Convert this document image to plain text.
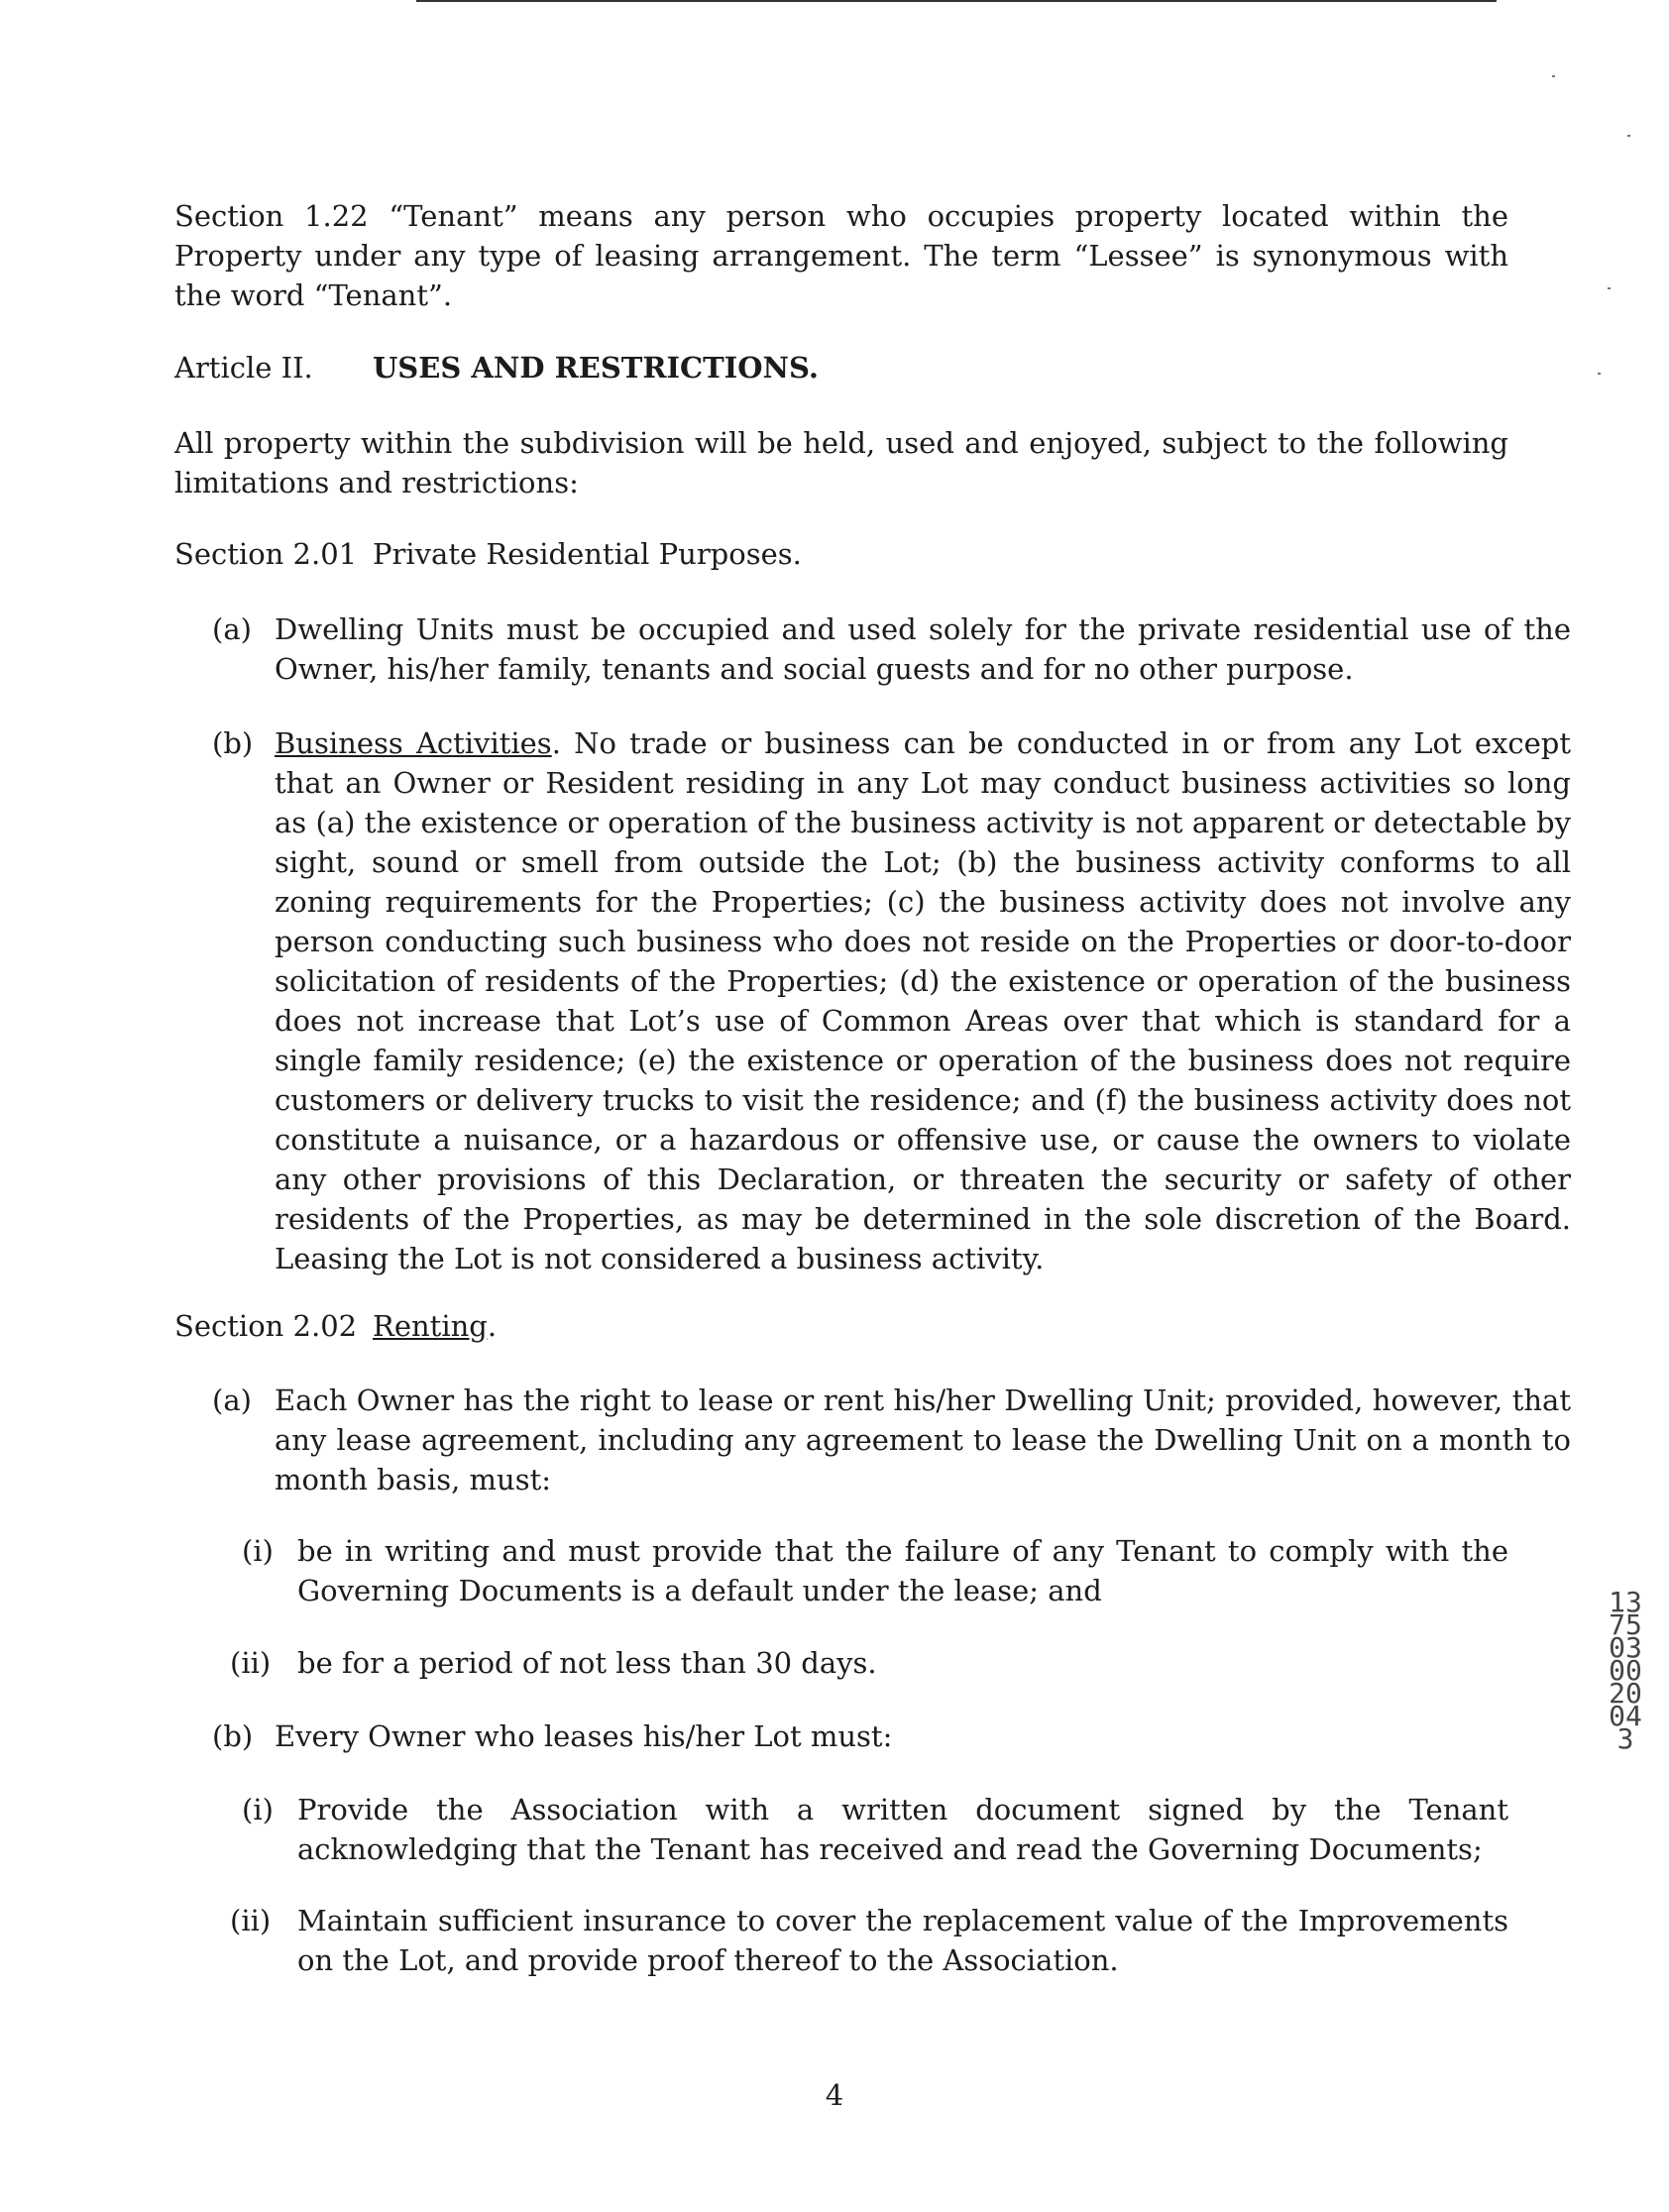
Section 1.22 “Tenant” means any person who occupies property located within the Property under any type of leasing arrangement. The term “Lessee” is synonymous with the word “Tenant”.

Article II. USES AND RESTRICTIONS.

All property within the subdivision will be held, used and enjoyed, subject to the following limitations and restrictions:

Section 2.01 Private Residential Purposes.
(a) Dwelling Units must be occupied and used solely for the private residential use of the Owner, his/her family, tenants and social guests and for no other purpose.

(b) Business Activities. No trade or business can be conducted in or from any Lot except that an Owner or Resident residing in any Lot may conduct business activities so long as (a) the existence or operation of the business activity is not apparent or detectable by sight, sound or smell from outside the Lot; (b) the business activity conforms to all zoning requirements for the Properties; (c) the business activity does not involve any person conducting such business who does not reside on the Properties or door-to-door solicitation of residents of the Properties; (d) the existence or operation of the business does not increase that Lot’s use of Common Areas over that which is standard for a single family residence; (e) the existence or operation of the business does not require customers or delivery trucks to visit the residence; and (f) the business activity does not constitute a nuisance, or a hazardous or offensive use, or cause the owners to violate any other provisions of this Declaration, or threaten the security or safety of other residents of the Properties, as may be determined in the sole discretion of the Board. Leasing the Lot is not considered a business activity.

Section 2.02 Renting.
(a) Each Owner has the right to lease or rent his/her Dwelling Unit; provided, however, that any lease agreement, including any agreement to lease the Dwelling Unit on a month to month basis, must:

(i) be in writing and must provide that the failure of any Tenant to comply with the Governing Documents is a default under the lease; and

(ii) be for a period of not less than 30 days.

(b) Every Owner who leases his/her Lot must:

(i) Provide the Association with a written document signed by the Tenant acknowledging that the Tenant has received and read the Governing Documents;

(ii) Maintain sufficient insurance to cover the replacement value of the Improvements on the Lot, and provide proof thereof to the Association.

4
1375030020043
